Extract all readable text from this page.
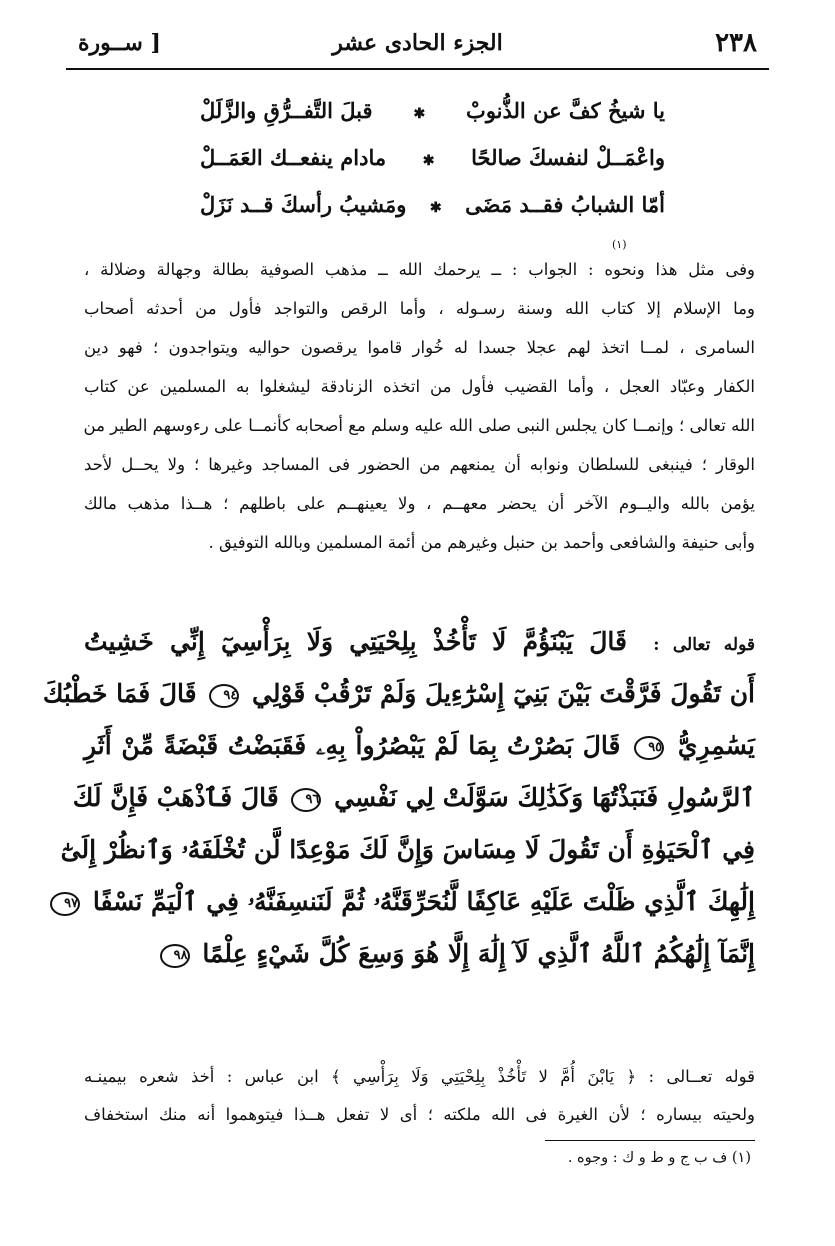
٢٣٨
الجزء الحادى عشر
[ ســورة
يا شيخُ كفَّ عن الذُّنوبْ
✱
قبلَ التَّفــرُّقِ والزَّلَلْ
واعْمَــلْ لنفسكَ صالحًا
✱
مادام ينفعــك العَمَــلْ
أمّا الشبابُ فقــد مَضَى
✱
ومَشيبُ رأسكَ قــد نَزَلْ
وفى مثل هذا ونحوه : الجواب : ــ يرحمك الله ــ مذهب الصوفية بطالة وجهالة وضلالة ،
وما الإسلام إلا كتاب الله وسنة رسـوله ، وأما الرقص والتواجد فأول من أحدثه أصحاب
السامرى ، لمــا اتخذ لهم عجلا جسدا له خُوار قاموا يرقصون حواليه ويتواجدون ؛ فهو دين
الكفار وعبّاد العجل ، وأما القضيب فأول من اتخذه الزنادقة ليشغلوا به المسلمين عن كتاب
الله تعالى ؛ وإنمــا كان يجلس النبى صلى الله عليه وسلم مع أصحابه كأنمــا على رءوسهم الطير من
الوقار ؛ فينبغى للسلطان ونوابه أن يمنعهم من الحضور فى المساجد وغيرها ؛ ولا يحــل لأحد
يؤمن بالله واليــوم الآخر أن يحضر معهــم ، ولا يعينهــم على باطلهم ؛ هــذا مذهب مالك
وأبى حنيفة والشافعى وأحمد بن حنبل وغيرهم من أئمة المسلمين وبالله التوفيق .
(١)
قوله تعالى : قَالَ يَبْنَؤُمَّ لَا تَأْخُذْ بِلِحْيَتِي وَلَا بِرَأْسِيٓ إِنِّي خَشِيتُ
أَن تَقُولَ فَرَّقْتَ بَيْنَ بَنِيٓ إِسْرَٰٓءِيلَ وَلَمْ تَرْقُبْ قَوْلِي ٩٤ قَالَ فَمَا خَطْبُكَ
يَسَٰمِرِيُّ ٩٥ قَالَ بَصُرْتُ بِمَا لَمْ يَبْصُرُواْ بِهِۦ فَقَبَضْتُ قَبْضَةً مِّنْ أَثَرِ
ٱلرَّسُولِ فَنَبَذْتُهَا وَكَذَٰلِكَ سَوَّلَتْ لِي نَفْسِي ٩٦ قَالَ فَٱذْهَبْ فَإِنَّ لَكَ
فِي ٱلْحَيَوٰةِ أَن تَقُولَ لَا مِسَاسَ وَإِنَّ لَكَ مَوْعِدًا لَّن تُخْلَفَهُۥ وَٱنظُرْ إِلَىٰٓ
إِلَٰهِكَ ٱلَّذِي ظَلْتَ عَلَيْهِ عَاكِفًا لَّنُحَرِّقَنَّهُۥ ثُمَّ لَنَنسِفَنَّهُۥ فِي ٱلْيَمِّ نَسْفًا ٩٧
إِنَّمَآ إِلَٰهُكُمُ ٱللَّهُ ٱلَّذِي لَآ إِلَٰهَ إِلَّا هُوَ وَسِعَ كُلَّ شَيْءٍ عِلْمًا ٩٨
قوله تعــالى : ﴿ يَابْنَ أُمَّ لا تَأْخُذْ بِلِحْيَتِي وَلَا بِرَأْسِي ﴾ ابن عباس : أخذ شعره بيمينـه
ولحيته بيساره ؛ لأن الغيرة فى الله ملكته ؛ أى لا تفعل هــذا فيتوهموا أنه منك استخفاف
(١) ف ب ج و ط و ك : وجوه .
